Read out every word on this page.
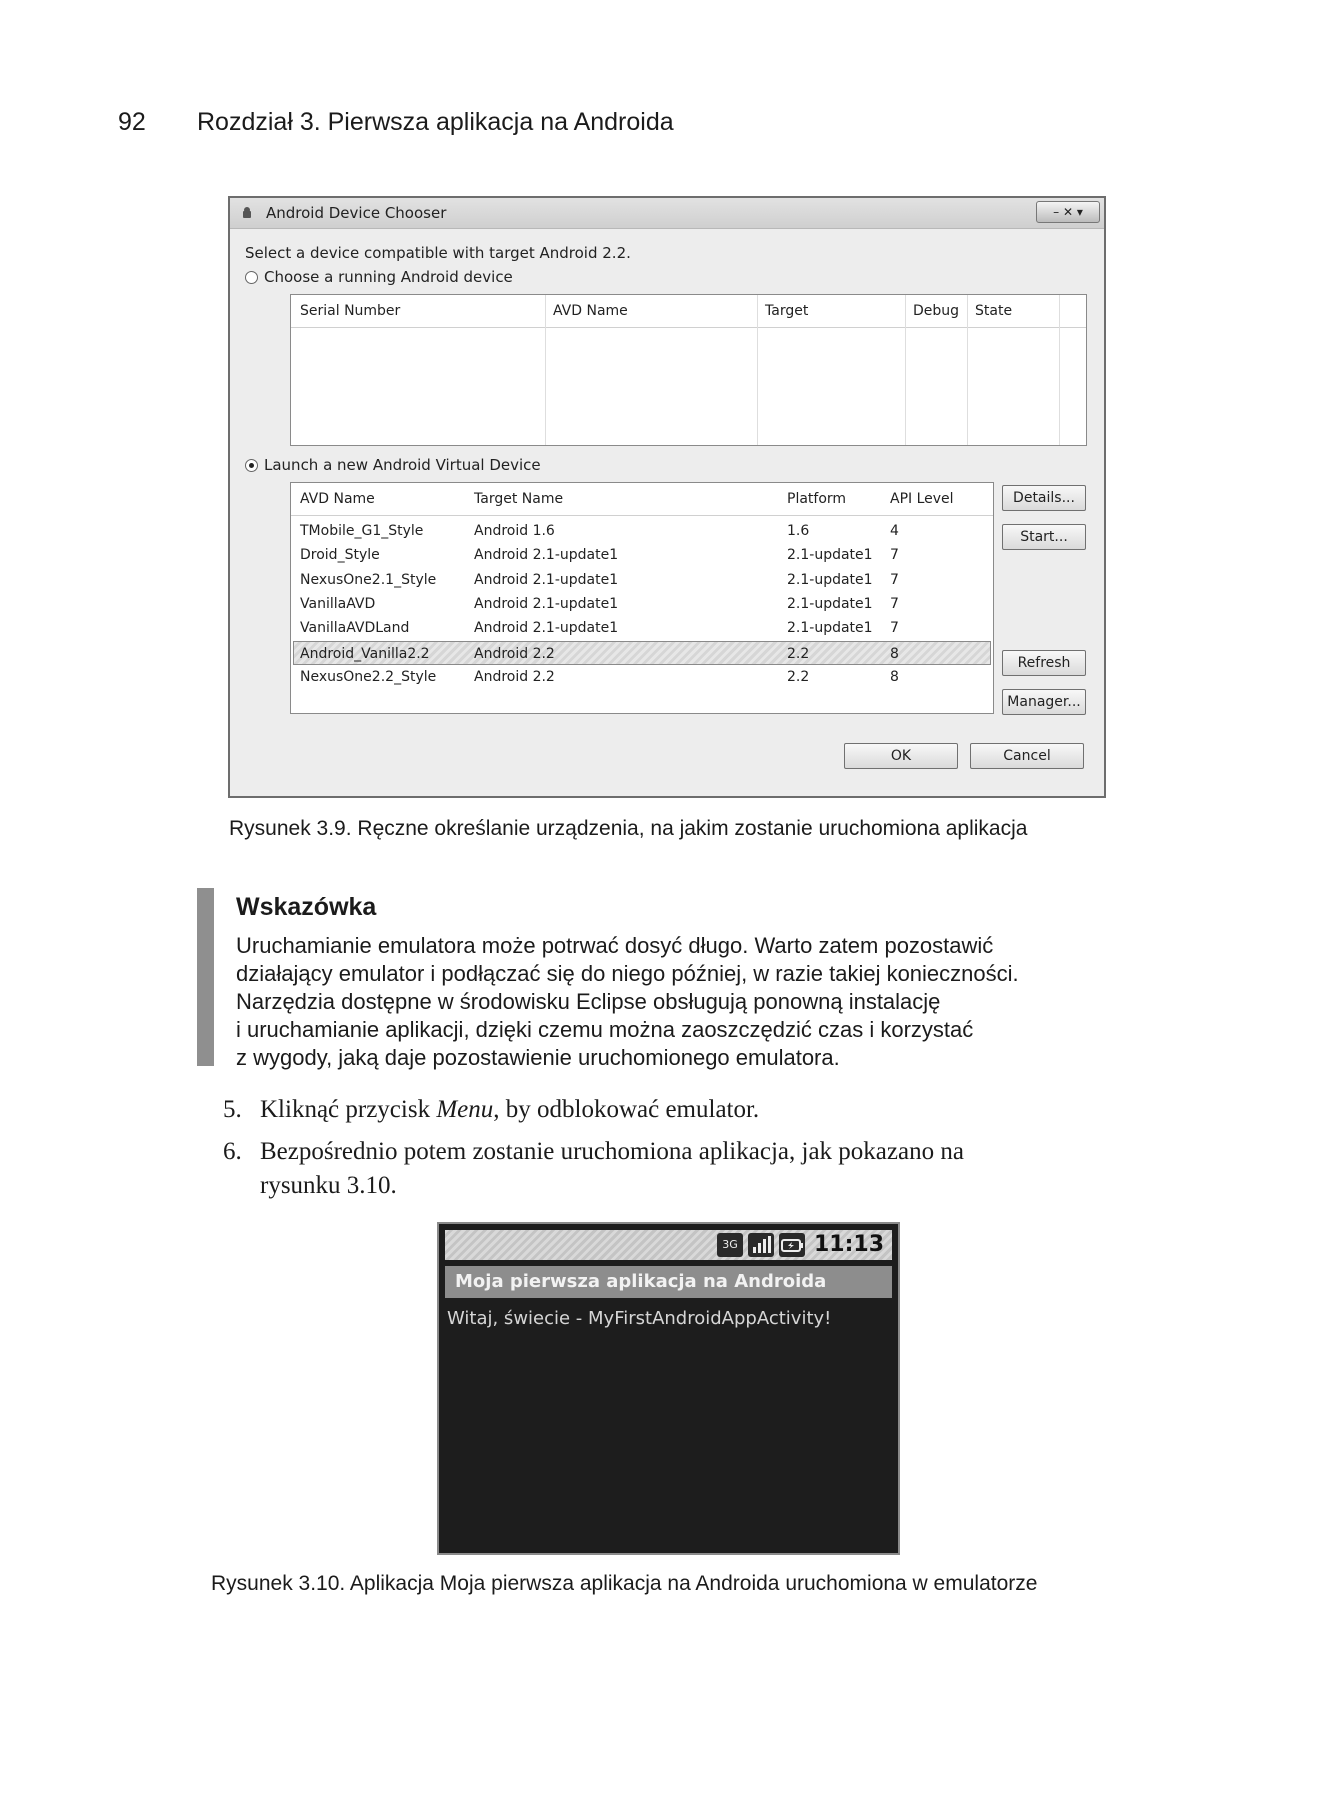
92 Rozdział 3. Pierwsza aplikacja na Androida
Android Device Chooser	– ✕ ▾
Select a device compatible with target Android 2.2.
Choose a running Android device
Serial Number	AVD Name	Target	Debug State
Launch a new Android Virtual Device
AVD Name	Target Name	Platform	API Level
TMobile_G1_Style	Android 1.6	1.6	4
Droid_Style	Android 2.1-update1	2.1-update1 7
NexusOne2.1_Style	Android 2.1-update1	2.1-update1 7
VanillaAVD	Android 2.1-update1	2.1-update1 7
VanillaAVDLand	Android 2.1-update1	2.1-update1 7
Android_Vanilla2.2	Android 2.2	2.2	8
NexusOne2.2_Style	Android 2.2	2.2	8
Details...
Start...
Refresh
Manager...
OK	Cancel
Rysunek 3.9. Ręczne określanie urządzenia, na jakim zostanie uruchomiona aplikacja
Wskazówka
Uruchamianie emulatora może potrwać dosyć długo. Warto zatem pozostawić
działający emulator i podłączać się do niego później, w razie takiej konieczności.
Narzędzia dostępne w środowisku Eclipse obsługują ponowną instalację
i uruchamianie aplikacji, dzięki czemu można zaoszczędzić czas i korzystać
z wygody, jaką daje pozostawienie uruchomionego emulatora.
5. Kliknąć przycisk Menu, by odblokować emulator.
6. Bezpośrednio potem zostanie uruchomiona aplikacja, jak pokazano na
rysunku 3.10.
3G	11:13
Moja pierwsza aplikacja na Androida
Witaj, świecie - MyFirstAndroidAppActivity!
Rysunek 3.10. Aplikacja Moja pierwsza aplikacja na Androida uruchomiona w emulatorze
